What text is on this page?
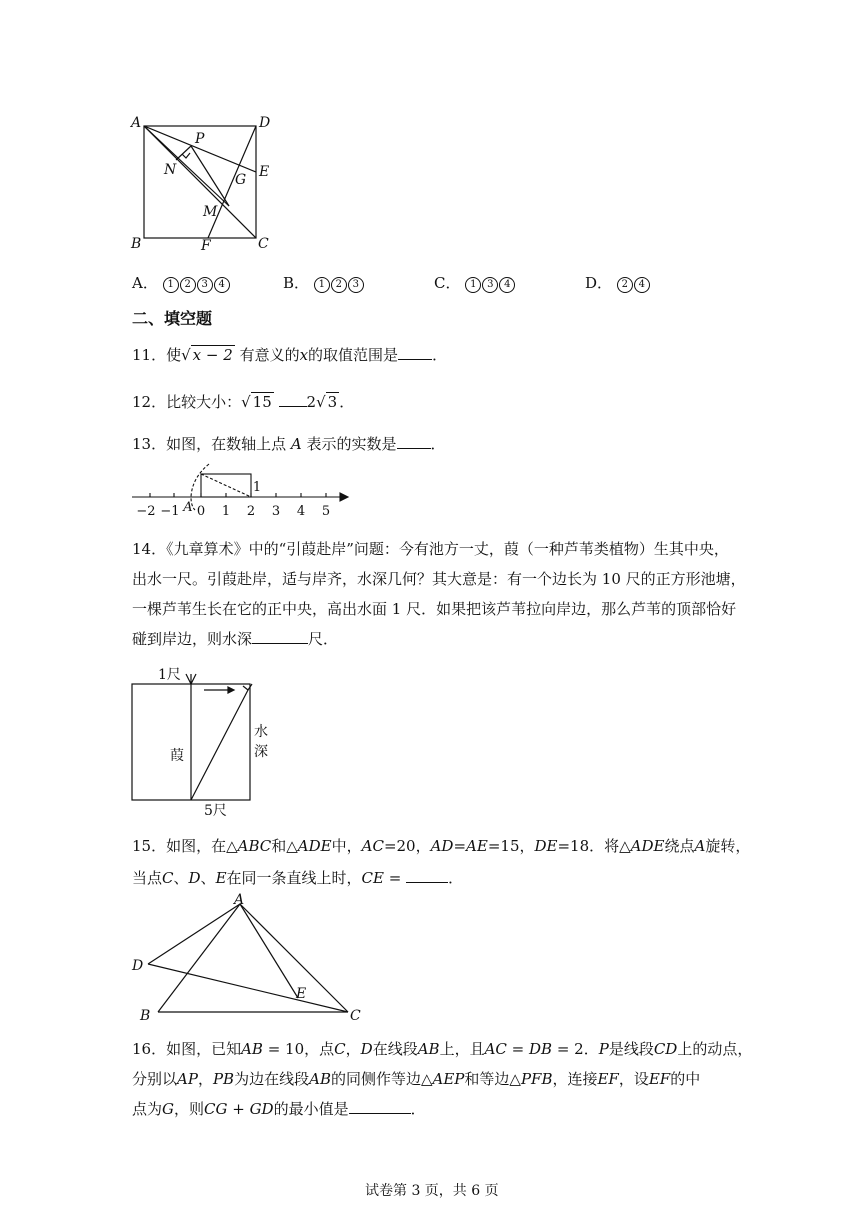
A	D
P
N	E
G
M
B	F	C
A． 1 2 3 4	B． 1 2 3	C． 1 3 4	D． 2 4
二、填空题
11．使√ x − 2 有意义的x的取值范围是 ．
12．比较大小：√ 15 2√ 3 ．
13．如图，在数轴上点 A 表示的实数是 ．
−2 −1 0 1 2 3 4 5
A
1
14．《九章算术》中的“引葭赴岸”问题：今有池方一丈，葭（一种芦苇类植物）生其中央，
出水一尺。引葭赴岸，适与岸齐，水深几何？其大意是：有一个边长为 10 尺的正方形池塘，
一棵芦苇生长在它的正中央，高出水面 1 尺．如果把该芦苇拉向岸边，那么芦苇的顶部恰好
碰到岸边，则水深	尺．
1尺
葭
水
深
5尺
15．如图，在△ABC和△ADE中，AC=20，AD=AE=15，DE=18．将△ADE绕点A旋转，
当点C、D、E在同一条直线上时，CE =	．
A
D
E
B	C
16．如图，已知AB = 10，点C，D在线段AB上，且AC = DB = 2．P是线段CD上的动点，
分别以AP，PB为边在线段AB的同侧作等边△AEP和等边△PFB，连接EF，设EF的中
点为G，则CG + GD的最小值是	．
试卷第 3 页，共 6 页
